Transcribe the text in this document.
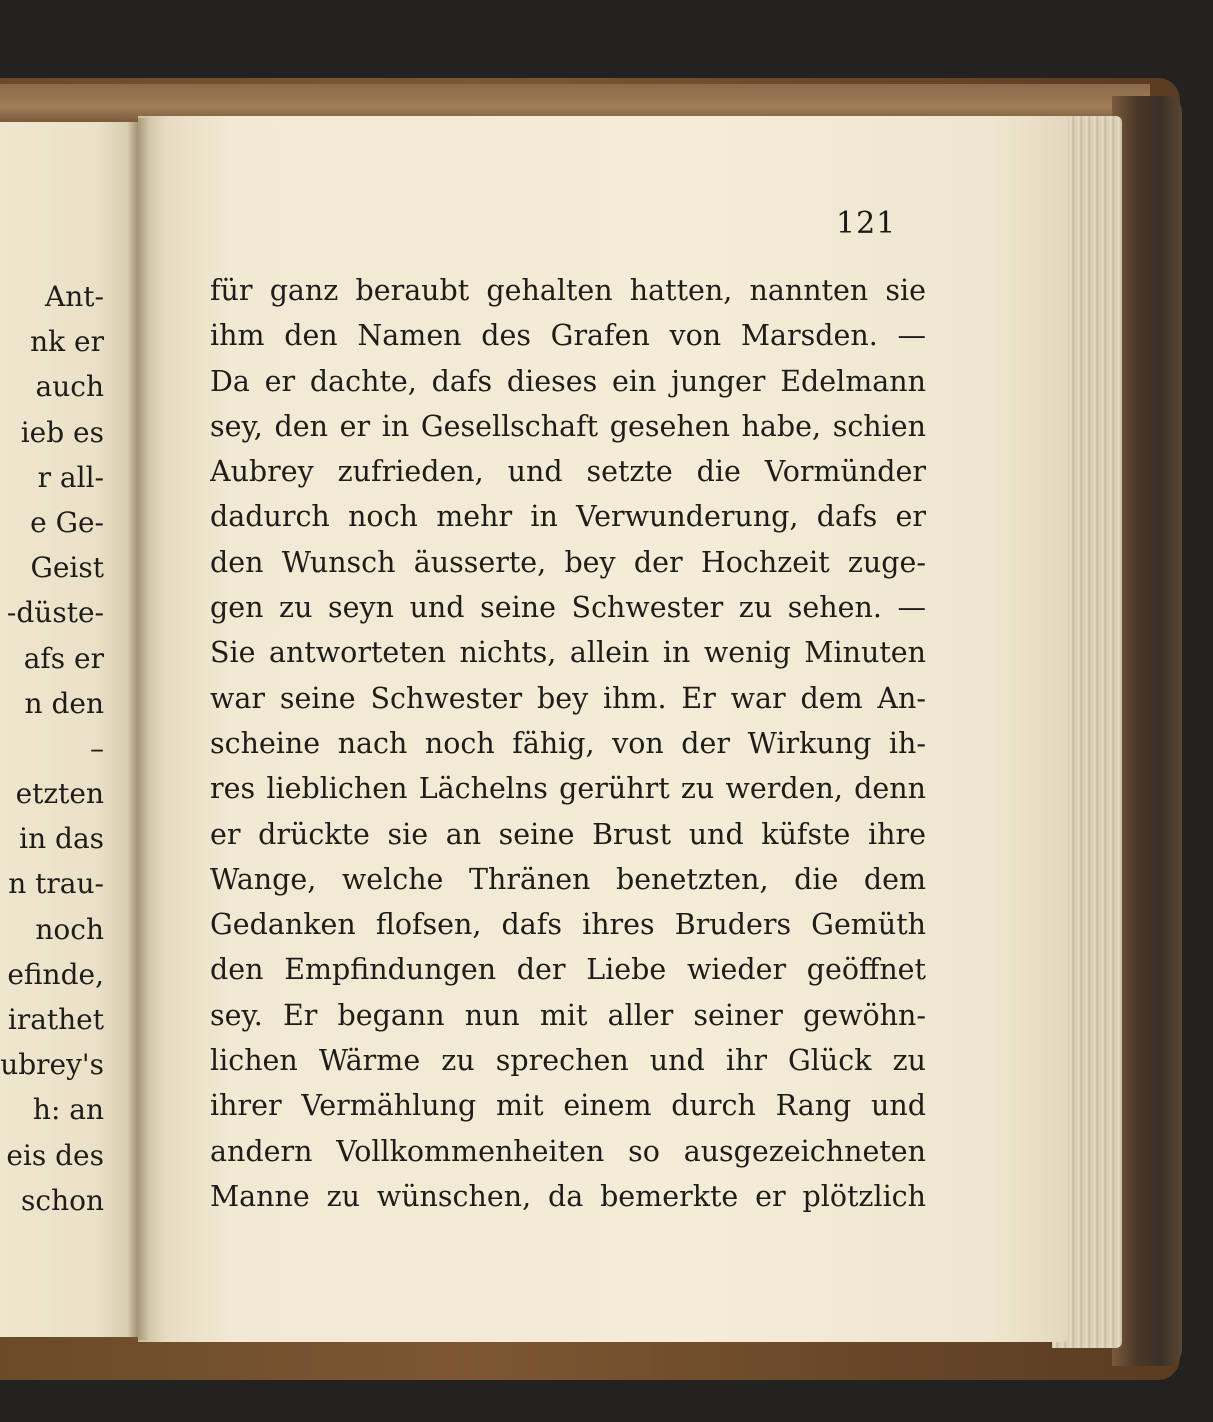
Ant-
nk er
auch
ieb es
r all-
e Ge-
Geist
-düste-
afs er
n den
–
etzten
in das
n trau-
noch
efinde,
irathet
ubrey's
h: an
eis des
schon
121
für ganz beraubt gehalten hatten, nannten sie
ihm den Namen des Grafen von Marsden. —
Da er dachte, dafs dieses ein junger Edelmann
sey, den er in Gesellschaft gesehen habe, schien
Aubrey zufrieden, und setzte die Vormünder
dadurch noch mehr in Verwunderung, dafs er
den Wunsch äusserte, bey der Hochzeit zuge-
gen zu seyn und seine Schwester zu sehen. —
Sie antworteten nichts, allein in wenig Minuten
war seine Schwester bey ihm. Er war dem An-
scheine nach noch fähig, von der Wirkung ih-
res lieblichen Lächelns gerührt zu werden, denn
er drückte sie an seine Brust und küfste ihre
Wange, welche Thränen benetzten, die dem
Gedanken flofsen, dafs ihres Bruders Gemüth
den Empfindungen der Liebe wieder geöffnet
sey. Er begann nun mit aller seiner gewöhn-
lichen Wärme zu sprechen und ihr Glück zu
ihrer Vermählung mit einem durch Rang und
andern Vollkommenheiten so ausgezeichneten
Manne zu wünschen, da bemerkte er plötzlich
